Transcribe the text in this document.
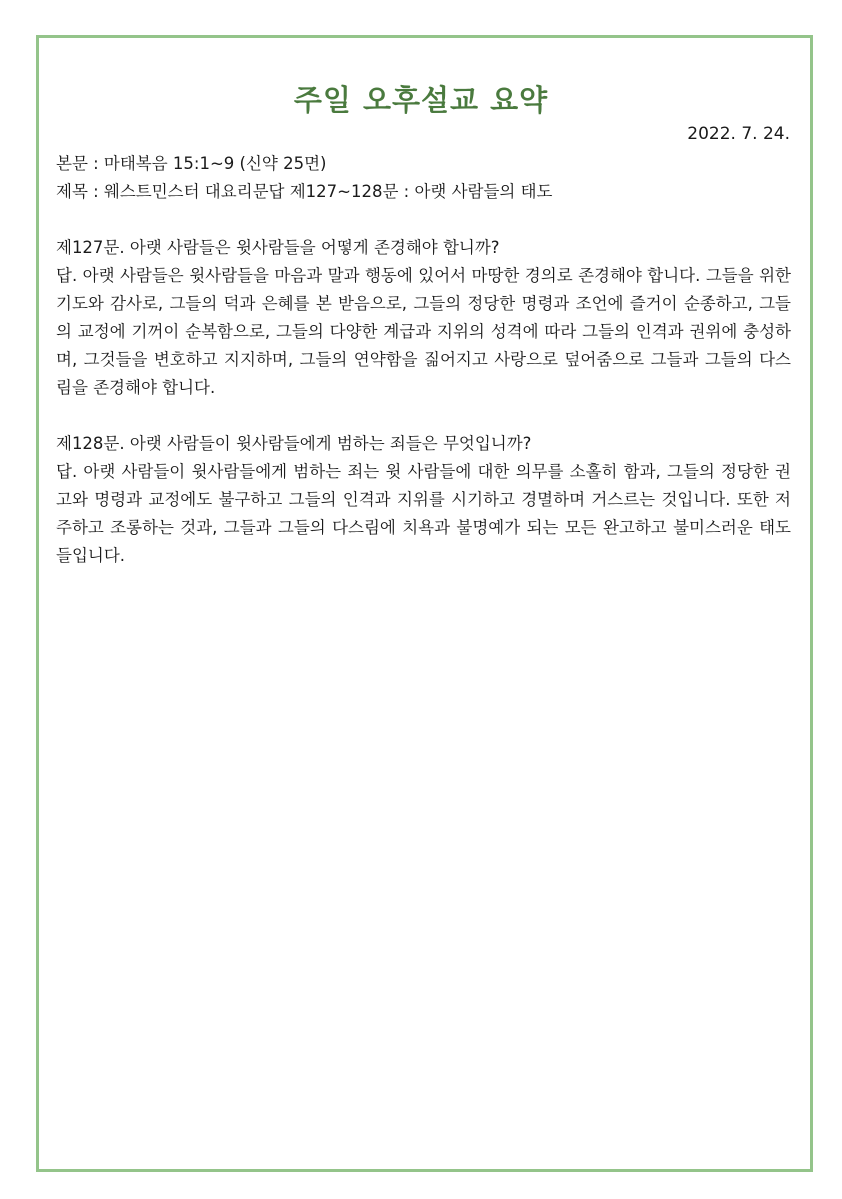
주일 오후설교 요약

2022. 7. 24.

본문 : 마태복음 15:1~9 (신약 25면)

제목 : 웨스트민스터 대요리문답 제127~128문 : 아랫 사람들의 태도

제127문. 아랫 사람들은 윗사람들을 어떻게 존경해야 합니까?

답. 아랫 사람들은 윗사람들을 마음과 말과 행동에 있어서 마땅한 경의로 존경해야 합니다. 그들을 위한 기도와 감사로, 그들의 덕과 은혜를 본 받음으로, 그들의 정당한 명령과 조언에 즐거이 순종하고, 그들의 교정에 기꺼이 순복함으로, 그들의 다양한 계급과 지위의 성격에 따라 그들의 인격과 권위에 충성하며, 그것들을 변호하고 지지하며, 그들의 연약함을 짊어지고 사랑으로 덮어줌으로 그들과 그들의 다스림을 존경해야 합니다.

제128문. 아랫 사람들이 윗사람들에게 범하는 죄들은 무엇입니까?

답. 아랫 사람들이 윗사람들에게 범하는 죄는 윗 사람들에 대한 의무를 소홀히 함과, 그들의 정당한 권고와 명령과 교정에도 불구하고 그들의 인격과 지위를 시기하고 경멸하며 거스르는 것입니다. 또한 저주하고 조롱하는 것과, 그들과 그들의 다스림에 치욕과 불명예가 되는 모든 완고하고 불미스러운 태도들입니다.
